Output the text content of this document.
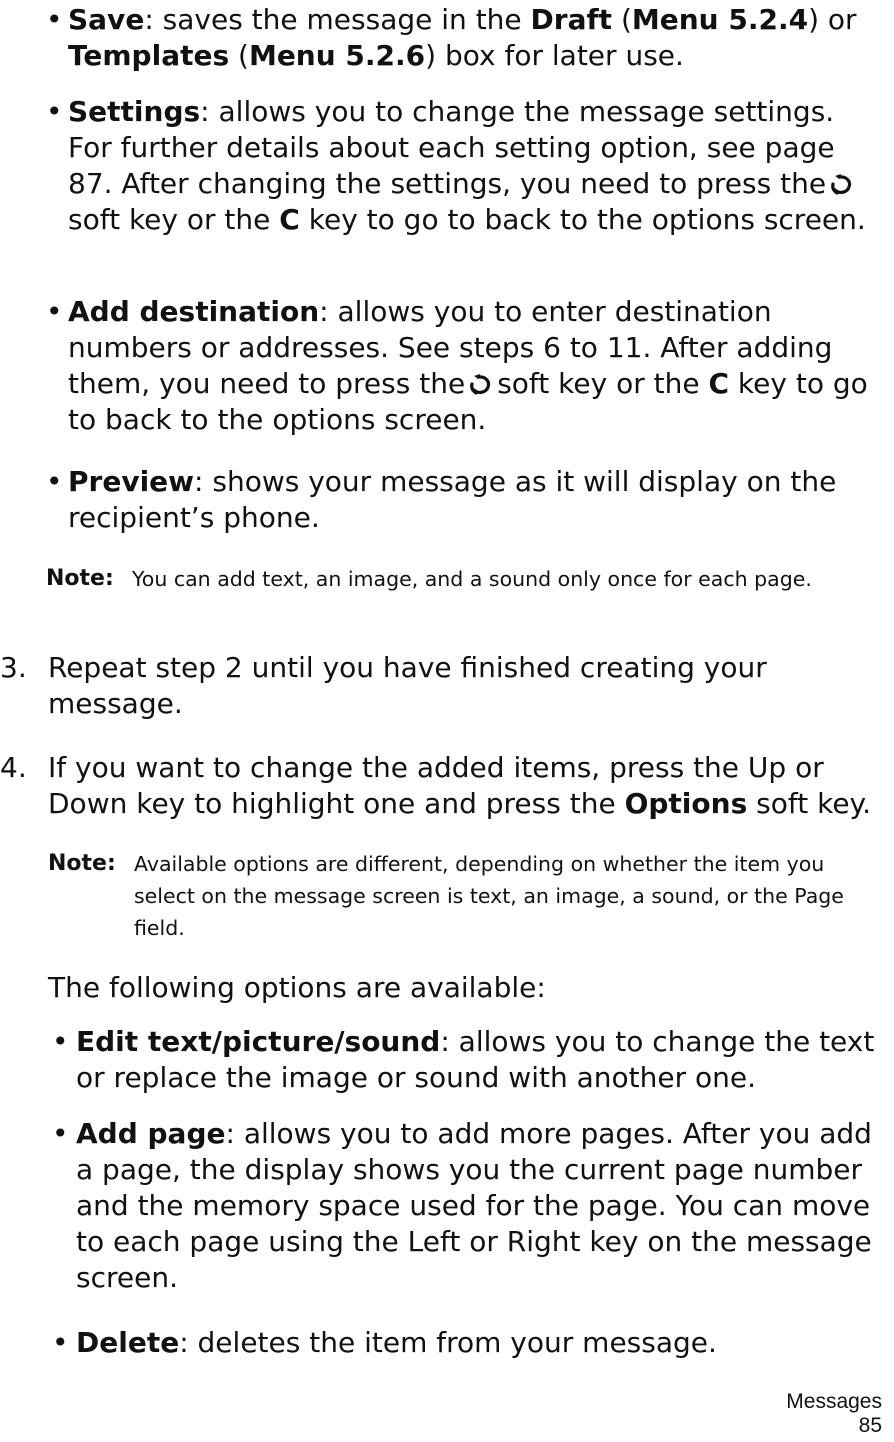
• Save: saves the message in the Draft (Menu 5.2.4) or Templates (Menu 5.2.6) box for later use.
• Settings: allows you to change the message settings. For further details about each setting option, see page 87. After changing the settings, you need to press thesoft key or the C key to go to back to the options screen.
• Add destination: allows you to enter destination numbers or addresses. See steps 6 to 11. After adding them, you need to press the soft key or the C key to go to back to the options screen.
• Preview: shows your message as it will display on the recipient’s phone.
Note: You can add text, an image, and a sound only once for each page.
3. Repeat step 2 until you have finished creating your message.
4. If you want to change the added items, press the Up or Down key to highlight one and press the Options soft key.
Note: Available options are different, depending on whether the item you select on the message screen is text, an image, a sound, or the Page field.
The following options are available:
• Edit text/picture/sound: allows you to change the text or replace the image or sound with another one.
• Add page: allows you to add more pages. After you add a page, the display shows you the current page number and the memory space used for the page. You can move to each page using the Left or Right key on the message screen.
• Delete: deletes the item from your message.
Messages
85
